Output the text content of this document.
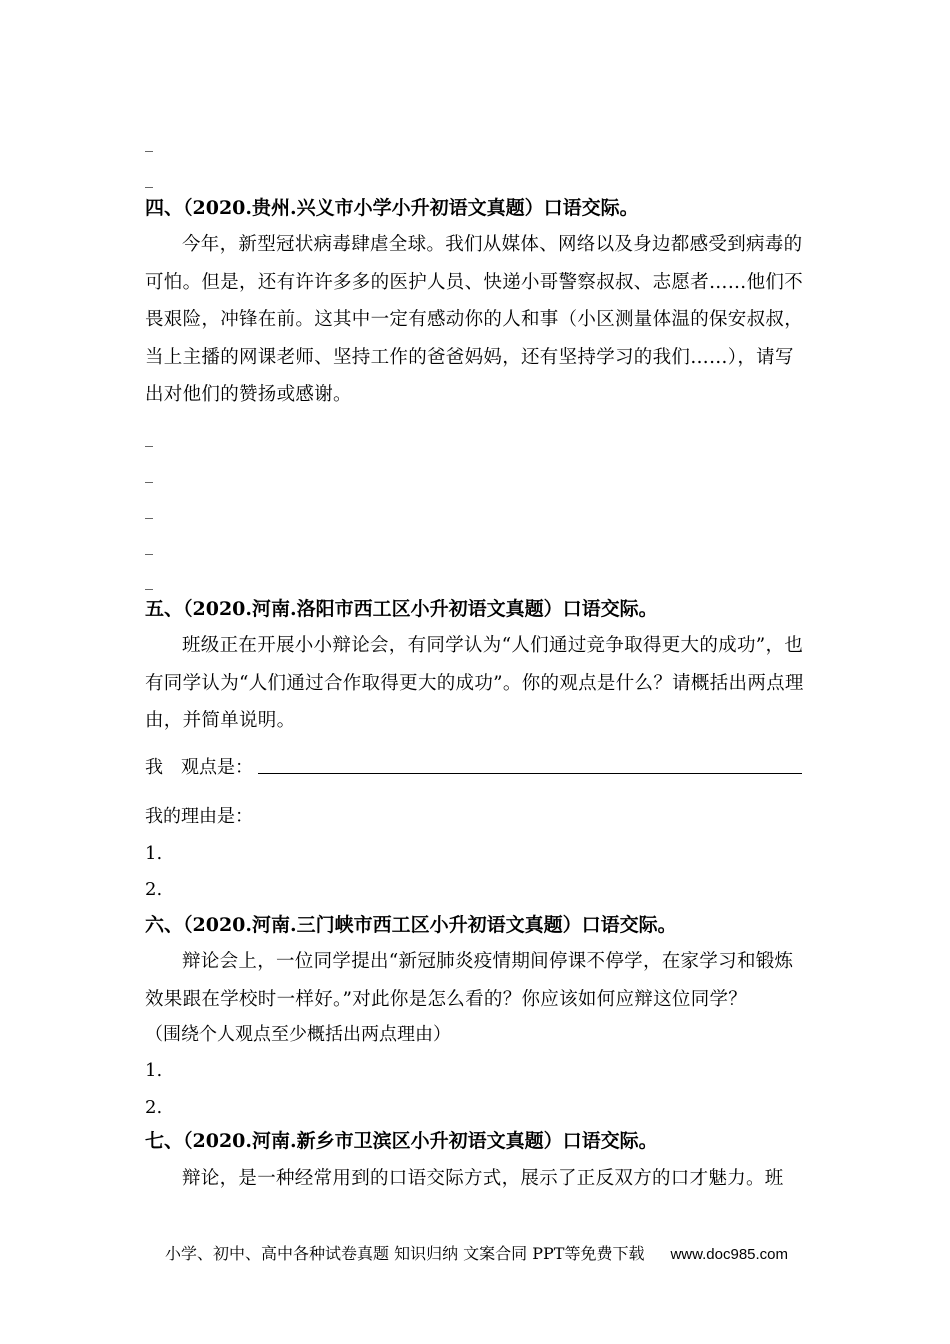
_
_
四、（2020.贵州.兴义市小学小升初语文真题）口语交际。
今年，新型冠状病毒肆虐全球。我们从媒体、网络以及身边都感受到病毒的可怕。但是，还有许许多多的医护人员、快递小哥警察叔叔、志愿者……他们不畏艰险，冲锋在前。这其中一定有感动你的人和事（小区测量体温的保安叔叔，当上主播的网课老师、坚持工作的爸爸妈妈，还有坚持学习的我们……），请写出对他们的赞扬或感谢。
_
_
_
_
_
五、（2020.河南.洛阳市西工区小升初语文真题）口语交际。
班级正在开展小小辩论会，有同学认为“人们通过竞争取得更大的成功”，也有同学认为“人们通过合作取得更大的成功”。你的观点是什么？请概括出两点理由，并简单说明。
我　观点是：
我的理由是：
1.
2.
六、（2020.河南.三门峡市西工区小升初语文真题）口语交际。
辩论会上，一位同学提出“新冠肺炎疫情期间停课不停学，在家学习和锻炼效果跟在学校时一样好。”对此你是怎么看的？你应该如何应辩这位同学？
（围绕个人观点至少概括出两点理由）
1.
2.
七、（2020.河南.新乡市卫滨区小升初语文真题）口语交际。
辩论，是一种经常用到的口语交际方式，展示了正反双方的口才魅力。班
小学、初中、高中各种试卷真题 知识归纳 文案合同 PPT等免费下载 www.doc985.com
